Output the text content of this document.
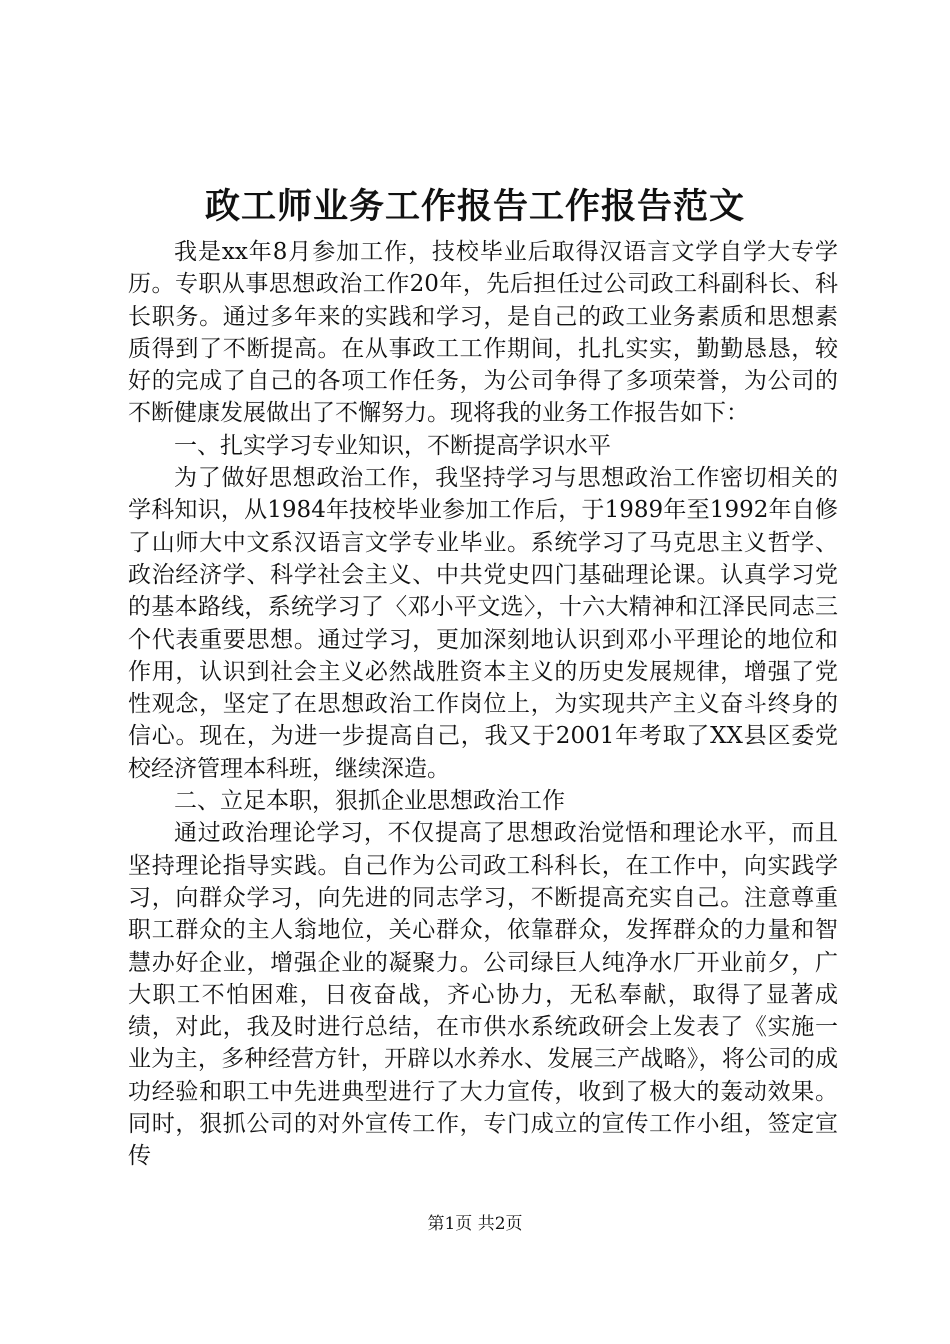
政工师业务工作报告工作报告范文

我是xx年8月参加工作，技校毕业后取得汉语言文学自学大专学历。专职从事思想政治工作20年，先后担任过公司政工科副科长、科长职务。通过多年来的实践和学习，是自己的政工业务素质和思想素质得到了不断提高。在从事政工工作期间，扎扎实实，勤勤恳恳，较好的完成了自己的各项工作任务，为公司争得了多项荣誉，为公司的不断健康发展做出了不懈努力。现将我的业务工作报告如下：

一、扎实学习专业知识，不断提高学识水平

为了做好思想政治工作，我坚持学习与思想政治工作密切相关的学科知识，从1984年技校毕业参加工作后，于1989年至1992年自修了山师大中文系汉语言文学专业毕业。系统学习了马克思主义哲学、政治经济学、科学社会主义、中共党史四门基础理论课。认真学习党的基本路线，系统学习了〈邓小平文选〉，十六大精神和江泽民同志三个代表重要思想。通过学习，更加深刻地认识到邓小平理论的地位和作用，认识到社会主义必然战胜资本主义的历史发展规律，增强了党性观念，坚定了在思想政治工作岗位上，为实现共产主义奋斗终身的信心。现在，为进一步提高自己，我又于2001年考取了XX县区委党校经济管理本科班，继续深造。

二、立足本职，狠抓企业思想政治工作

通过政治理论学习，不仅提高了思想政治觉悟和理论水平，而且坚持理论指导实践。自己作为公司政工科科长，在工作中，向实践学习，向群众学习，向先进的同志学习，不断提高充实自己。注意尊重职工群众的主人翁地位，关心群众，依靠群众，发挥群众的力量和智慧办好企业，增强企业的凝聚力。公司绿巨人纯净水厂开业前夕，广大职工不怕困难，日夜奋战，齐心协力，无私奉献，取得了显著成绩，对此，我及时进行总结，在市供水系统政研会上发表了《实施一业为主，多种经营方针，开辟以水养水、发展三产战略》，将公司的成功经验和职工中先进典型进行了大力宣传，收到了极大的轰动效果。同时，狠抓公司的对外宣传工作，专门成立的宣传工作小组，签定宣传

第1页 共2页
